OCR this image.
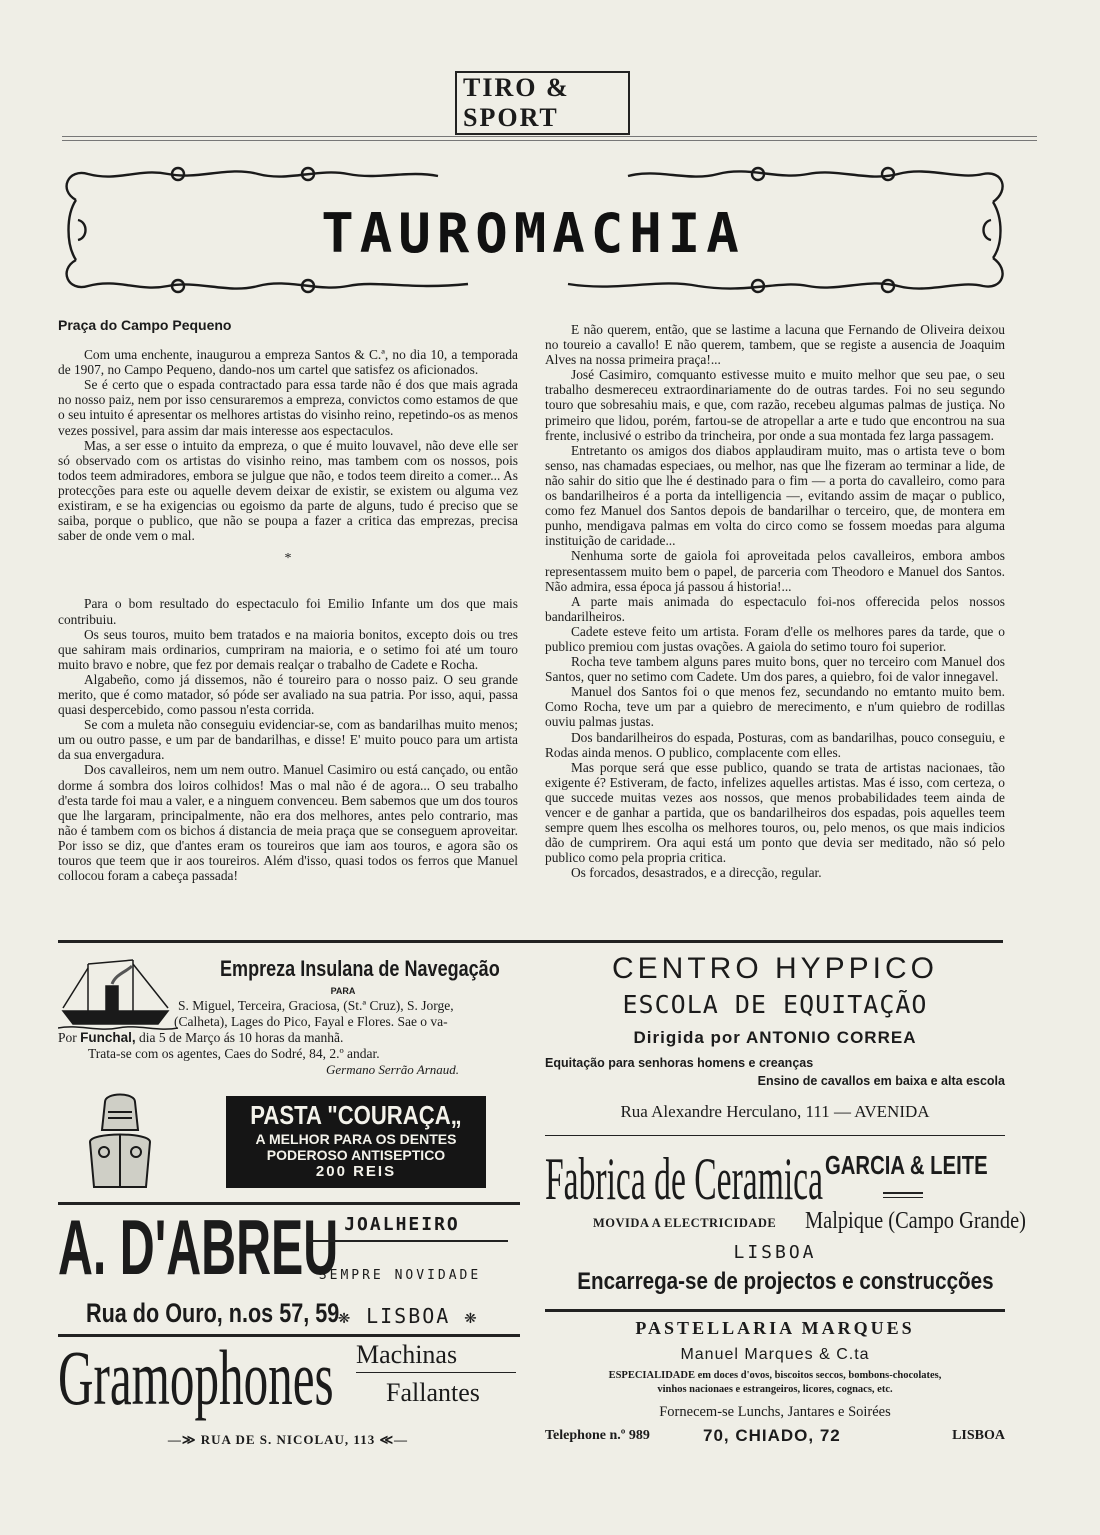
TIRO & SPORT
TAUROMACHIA
Praça do Campo Pequeno

Com uma enchente, inaugurou a empreza Santos & C.ª, no dia 10, a temporada de 1907, no Campo Pequeno, dando-nos um cartel que satisfez os aficionados.

Se é certo que o espada contractado para essa tarde não é dos que mais agrada no nosso paiz, nem por isso censuraremos a empreza, convictos como estamos de que o seu intuito é apresentar os melhores artistas do visinho reino, repetindo-os as menos vezes possivel, para assim dar mais interesse aos espectaculos.

Mas, a ser esse o intuito da empreza, o que é muito louvavel, não deve elle ser só observado com os artistas do visinho reino, mas tambem com os nossos, pois todos teem admiradores, embora se julgue que não, e todos teem direito a comer... As protecções para este ou aquelle devem deixar de existir, se existem ou alguma vez existiram, e se ha exigencias ou egoismo da parte de alguns, tudo é preciso que se saiba, porque o publico, que não se poupa a fazer a critica das emprezas, precisa saber de onde vem o mal.

*

Para o bom resultado do espectaculo foi Emilio Infante um dos que mais contribuiu.

Os seus touros, muito bem tratados e na maioria bonitos, excepto dois ou tres que sahiram mais ordinarios, cumpriram na maioria, e o setimo foi até um touro muito bravo e nobre, que fez por demais realçar o trabalho de Cadete e Rocha.

Algabeño, como já dissemos, não é toureiro para o nosso paiz. O seu grande merito, que é como matador, só póde ser avaliado na sua patria. Por isso, aqui, passa quasi despercebido, como passou n'esta corrida.

Se com a muleta não conseguiu evidenciar-se, com as bandarilhas muito menos; um ou outro passe, e um par de bandarilhas, e disse! E' muito pouco para um artista da sua envergadura.

Dos cavalleiros, nem um nem outro. Manuel Casimiro ou está cançado, ou então dorme á sombra dos loiros colhidos! Mas o mal não é de agora... O seu trabalho d'esta tarde foi mau a valer, e a ninguem convenceu. Bem sabemos que um dos touros que lhe largaram, principalmente, não era dos melhores, antes pelo contrario, mas não é tambem com os bichos á distancia de meia praça que se conseguem aproveitar. Por isso se diz, que d'antes eram os toureiros que iam aos touros, e agora são os touros que teem que ir aos toureiros. Além d'isso, quasi todos os ferros que Manuel collocou foram a cabeça passada!

E não querem, então, que se lastime a lacuna que Fernando de Oliveira deixou no toureio a cavallo! E não querem, tambem, que se registe a ausencia de Joaquim Alves na nossa primeira praça!...

José Casimiro, comquanto estivesse muito e muito melhor que seu pae, o seu trabalho desmereceu extraordinariamente do de outras tardes. Foi no seu segundo touro que sobresahiu mais, e que, com razão, recebeu algumas palmas de justiça. No primeiro que lidou, porém, fartou-se de atropellar a arte e tudo que encontrou na sua frente, inclusivé o estribo da trincheira, por onde a sua montada fez larga passagem.

Entretanto os amigos dos diabos applaudiram muito, mas o artista teve o bom senso, nas chamadas especiaes, ou melhor, nas que lhe fizeram ao terminar a lide, de não sahir do sitio que lhe é destinado para o fim — a porta do cavalleiro, como para os bandarilheiros é a porta da intelligencia —, evitando assim de maçar o publico, como fez Manuel dos Santos depois de bandarilhar o terceiro, que, de montera em punho, mendigava palmas em volta do circo como se fossem moedas para alguma instituição de caridade...

Nenhuma sorte de gaiola foi aproveitada pelos cavalleiros, embora ambos representassem muito bem o papel, de parceria com Theodoro e Manuel dos Santos. Não admira, essa época já passou á historia!...

A parte mais animada do espectaculo foi-nos offerecida pelos nossos bandarilheiros.

Cadete esteve feito um artista. Foram d'elle os melhores pares da tarde, que o publico premiou com justas ovações. A gaiola do setimo touro foi superior.

Rocha teve tambem alguns pares muito bons, quer no terceiro com Manuel dos Santos, quer no setimo com Cadete. Um dos pares, a quiebro, foi de valor innegavel.

Manuel dos Santos foi o que menos fez, secundando no emtanto muito bem. Como Rocha, teve um par a quiebro de merecimento, e n'um quiebro de rodillas ouviu palmas justas.

Dos bandarilheiros do espada, Posturas, com as bandarilhas, pouco conseguiu, e Rodas ainda menos. O publico, complacente com elles.

Mas porque será que esse publico, quando se trata de artistas nacionaes, tão exigente é? Estiveram, de facto, infelizes aquelles artistas. Mas é isso, com certeza, o que succede muitas vezes aos nossos, que menos probabilidades teem ainda de vencer e de ganhar a partida, que os bandarilheiros dos espadas, pois aquelles teem sempre quem lhes escolha os melhores touros, ou, pelo menos, os que mais indicios dão de cumprirem. Ora aqui está um ponto que devia ser meditado, não só pelo publico como pela propria critica.

Os forcados, desastrados, e a direcção, regular.

Empreza Insulana de Navegação
PARA
S. Miguel, Terceira, Graciosa, (St.ª Cruz), S. Jorge,
(Calheta), Lages do Pico, Fayal e Flores. Sae o va-
Por Funchal, dia 5 de Março ás 10 horas da manhã.
Trata-se com os agentes, Caes do Sodré, 84, 2.º andar.
Germano Serrão Arnaud.
PASTA "COURAÇA„
A MELHOR PARA OS DENTES
PODEROSO ANTISEPTICO
200 REIS
A. D'ABREU JOALHEIRO
SEMPRE NOVIDADE
Rua do Ouro, n.os 57, 59
❋ LISBOA ❋
Gramophones Machinas
Fallantes
—≫ RUA DE S. NICOLAU, 113 ≪—
CENTRO HYPPICO
ESCOLA DE EQUITAÇÃO
Dirigida por ANTONIO CORREA
Equitação para senhoras homens e creanças
Ensino de cavallos em baixa e alta escola
Rua Alexandre Herculano, 111 — AVENIDA
Fabrica de Ceramica GARCIA & LEITE
MOVIDA A ELECTRICIDADE Malpique (Campo Grande)
LISBOA
Encarrega-se de projectos e construcções
PASTELLARIA MARQUES
Manuel Marques & C.ta
ESPECIALIDADE em doces d'ovos, biscoitos seccos, bombons-chocolates,
vinhos nacionaes e estrangeiros, licores, cognacs, etc.
Fornecem-se Lunchs, Jantares e Soirées
Telephone n.º 989	70, CHIADO, 72	LISBOA
